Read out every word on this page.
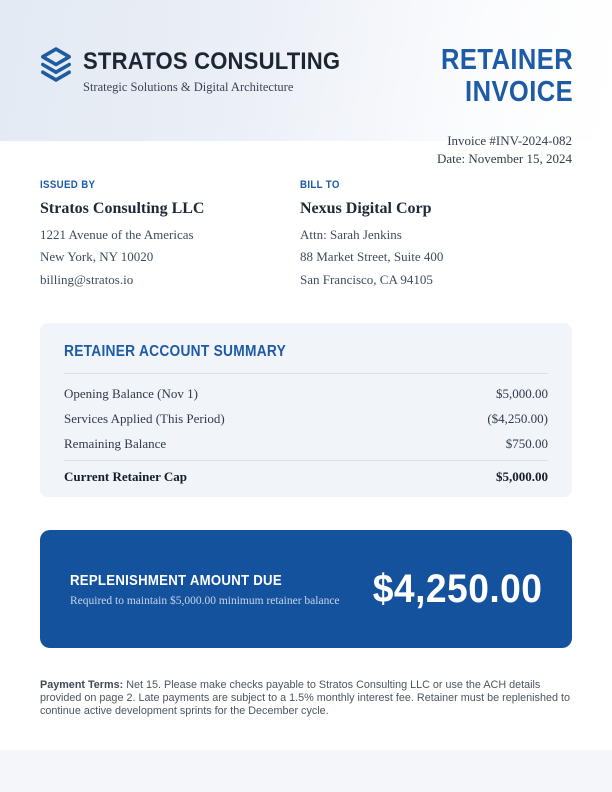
STRATOS CONSULTING
Strategic Solutions & Digital Architecture
RETAINER
INVOICE
Invoice #INV-2024-082
Date: November 15, 2024
ISSUED BY
Stratos Consulting LLC
1221 Avenue of the Americas
New York, NY 10020
billing@stratos.io
BILL TO
Nexus Digital Corp
Attn: Sarah Jenkins
88 Market Street, Suite 400
San Francisco, CA 94105
RETAINER ACCOUNT SUMMARY
Opening Balance (Nov 1)	$5,000.00
Services Applied (This Period)	($4,250.00)
Remaining Balance	$750.00
Current Retainer Cap	$5,000.00
REPLENISHMENT AMOUNT DUE
Required to maintain $5,000.00 minimum retainer balance $4,250.00

Payment Terms: Net 15. Please make checks payable to Stratos Consulting LLC or use the ACH details provided on page 2. Late payments are subject to a 1.5% monthly interest fee. Retainer must be replenished to continue active development sprints for the December cycle.
